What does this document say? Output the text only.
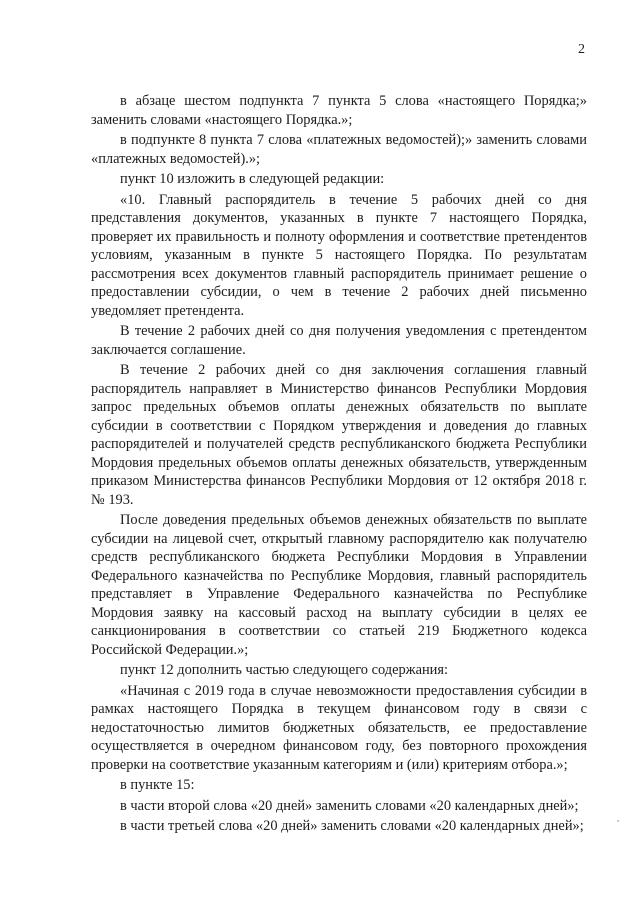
2

в абзаце шестом подпункта 7 пункта 5 слова «настоящего Порядка;» заменить словами «настоящего Порядка.»;

в подпункте 8 пункта 7 слова «платежных ведомостей);» заменить словами «платежных ведомостей).»;

пункт 10 изложить в следующей редакции:

«10. Главный распорядитель в течение 5 рабочих дней со дня представления документов, указанных в пункте 7 настоящего Порядка, проверяет их правильность и полноту оформления и соответствие претендентов условиям, указанным в пункте 5 настоящего Порядка. По результатам рассмотрения всех документов главный распорядитель принимает решение о предоставлении субсидии, о чем в течение 2 рабочих дней письменно уведомляет претендента.

В течение 2 рабочих дней со дня получения уведомления с претендентом заключается соглашение.

В течение 2 рабочих дней со дня заключения соглашения главный распорядитель направляет в Министерство финансов Республики Мордовия запрос предельных объемов оплаты денежных обязательств по выплате субсидии в соответствии с Порядком утверждения и доведения до главных распорядителей и получателей средств республиканского бюджета Республики Мордовия предельных объемов оплаты денежных обязательств, утвержденным приказом Министерства финансов Республики Мордовия от 12 октября 2018 г. № 193.

После доведения предельных объемов денежных обязательств по выплате субсидии на лицевой счет, открытый главному распорядителю как получателю средств республиканского бюджета Республики Мордовия в Управлении Федерального казначейства по Республике Мордовия, главный распорядитель представляет в Управление Федерального казначейства по Республике Мордовия заявку на кассовый расход на выплату субсидии в целях ее санкционирования в соответствии со статьей 219 Бюджетного кодекса Российской Федерации.»;

пункт 12 дополнить частью следующего содержания:

«Начиная с 2019 года в случае невозможности предоставления субсидии в рамках настоящего Порядка в текущем финансовом году в связи с недостаточностью лимитов бюджетных обязательств, ее предоставление осуществляется в очередном финансовом году, без повторного прохождения проверки на соответствие указанным категориям и (или) критериям отбора.»;

в пункте 15:

в части второй слова «20 дней» заменить словами «20 календарных дней»;

в части третьей слова «20 дней» заменить словами «20 календарных дней»;
